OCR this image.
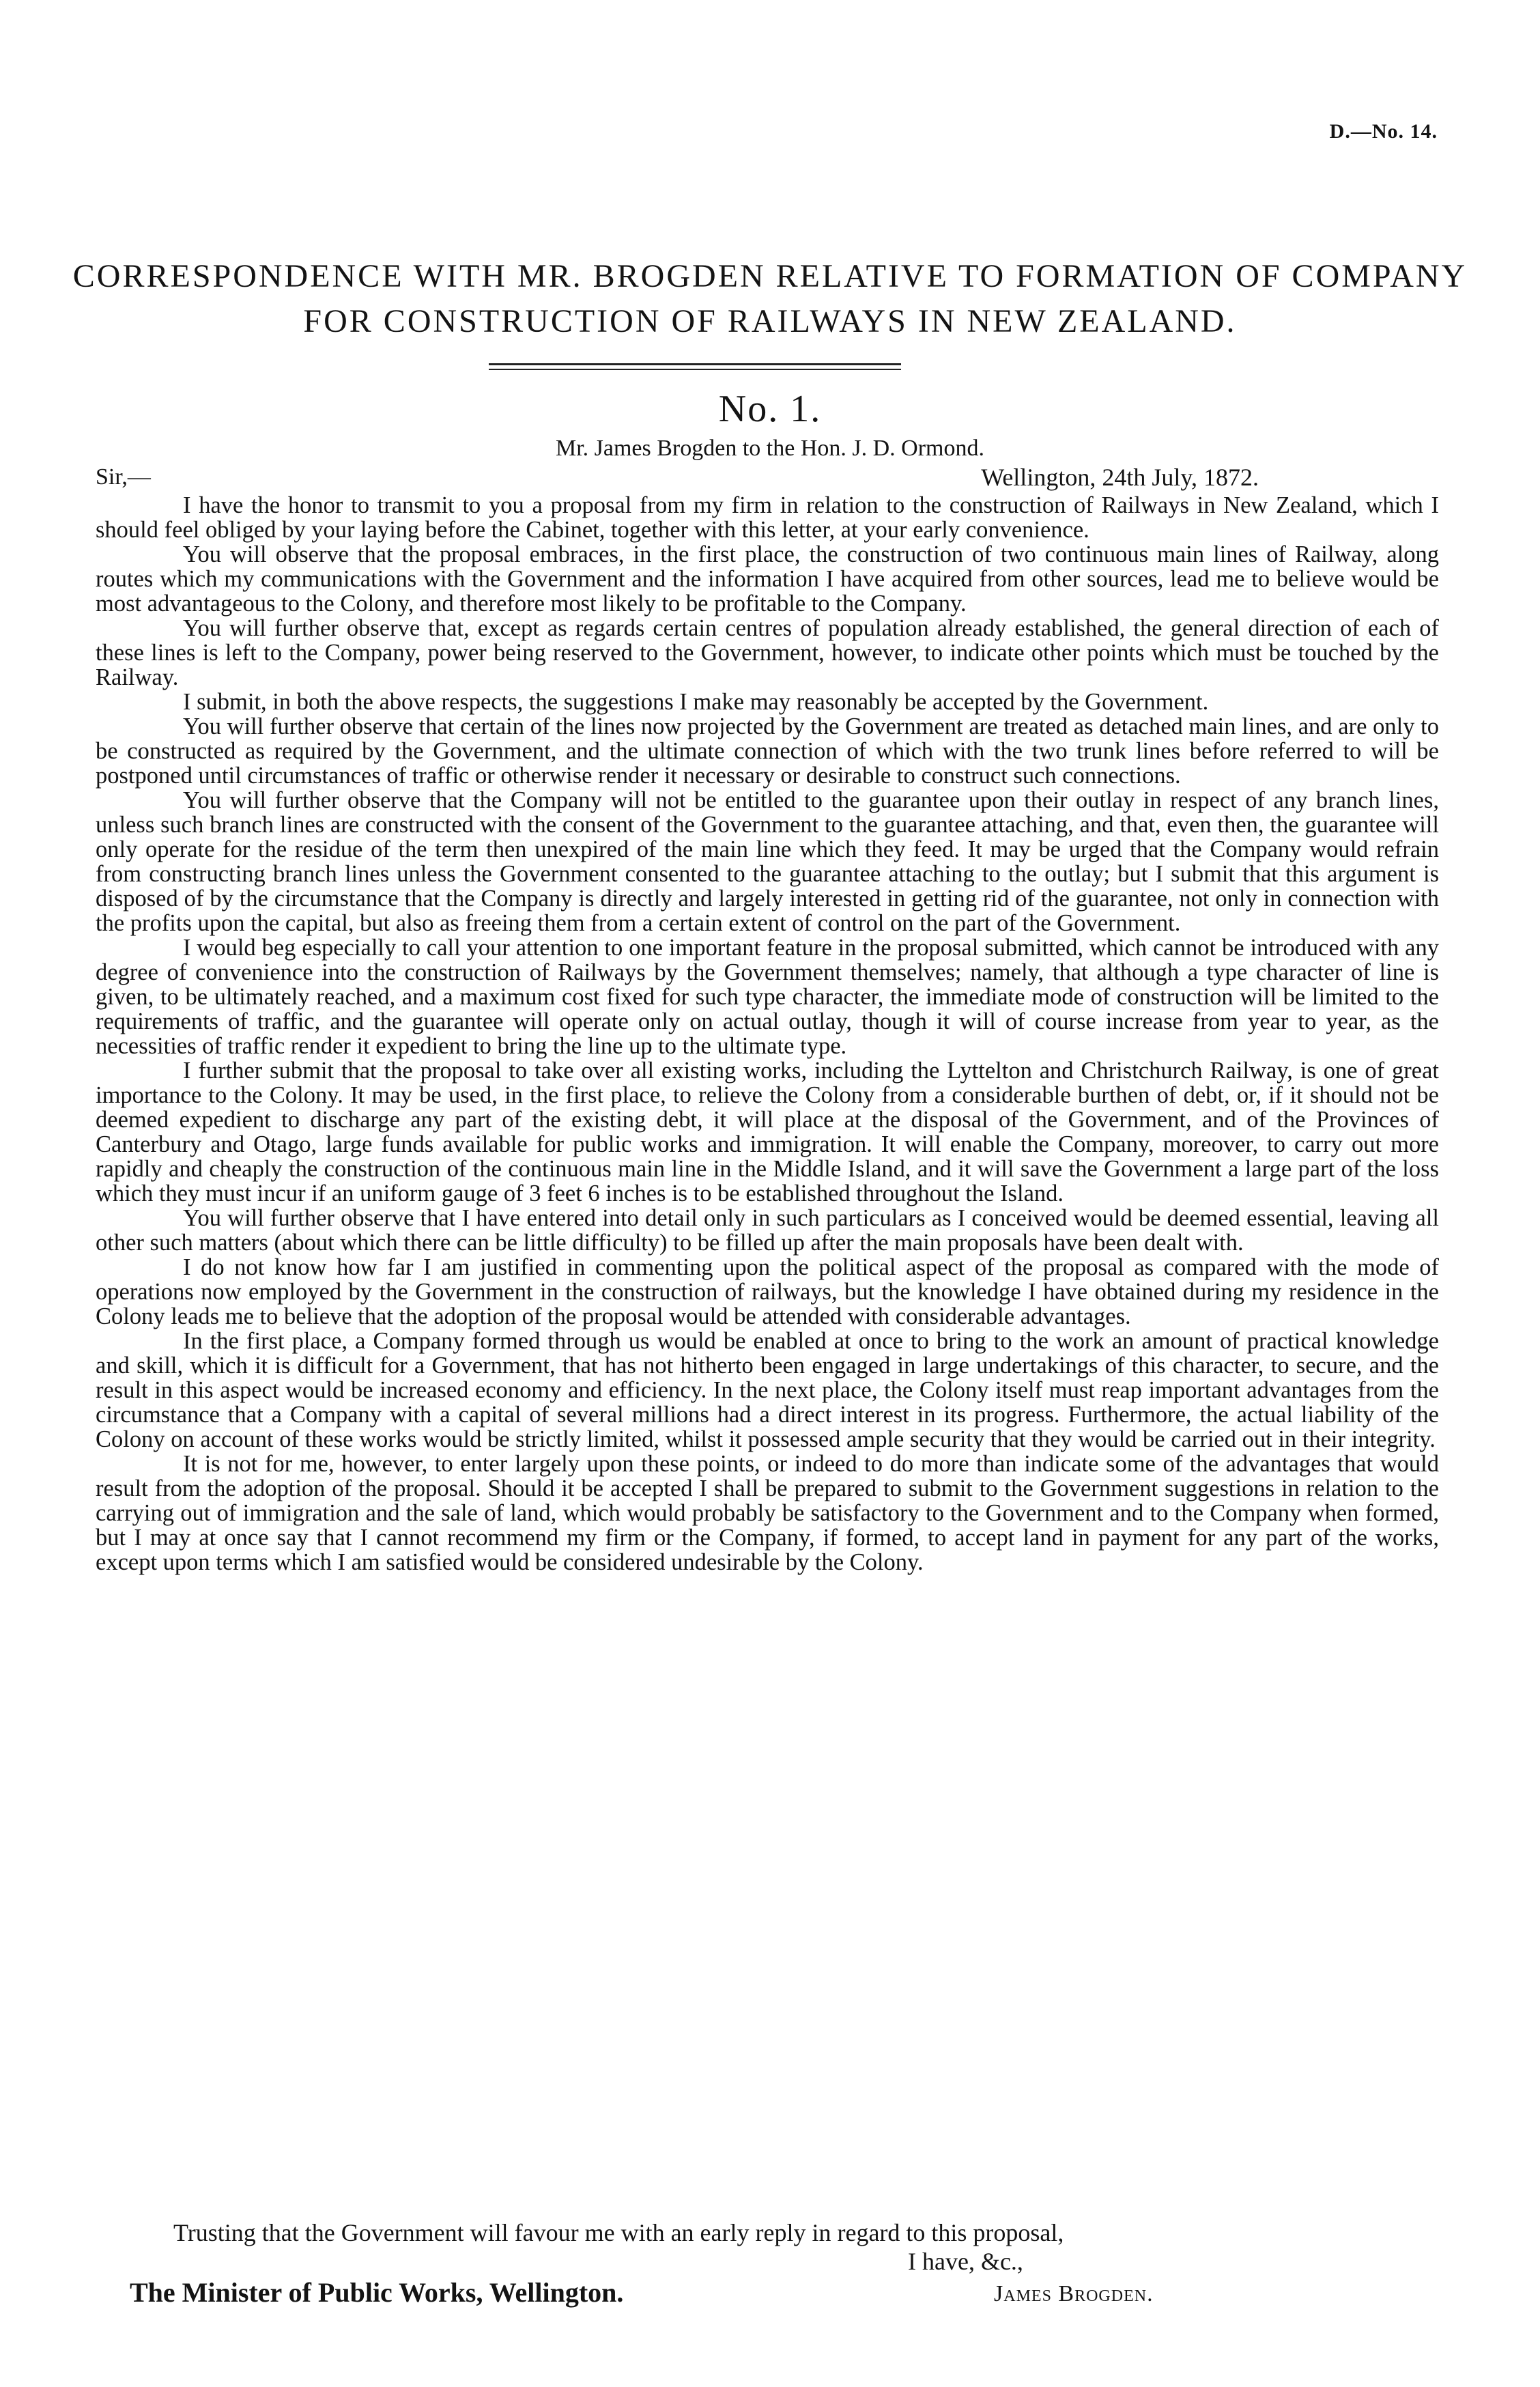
D.—No. 14.
CORRESPONDENCE WITH MR. BROGDEN RELATIVE TO FORMATION OF COMPANY
FOR CONSTRUCTION OF RAILWAYS IN NEW ZEALAND.
No. 1.
Mr. James Brogden to the Hon. J. D. Ormond.
Sir,—	Wellington, 24th July, 1872.

I have the honor to transmit to you a proposal from my firm in relation to the construction of Railways in New Zealand, which I should feel obliged by your laying before the Cabinet, together with this letter, at your early convenience.

You will observe that the proposal embraces, in the first place, the construction of two continuous main lines of Railway, along routes which my communications with the Government and the information I have acquired from other sources, lead me to believe would be most advantageous to the Colony, and therefore most likely to be profitable to the Company.

You will further observe that, except as regards certain centres of population already established, the general direction of each of these lines is left to the Company, power being reserved to the Government, however, to indicate other points which must be touched by the Railway.

I submit, in both the above respects, the suggestions I make may reasonably be accepted by the Government.

You will further observe that certain of the lines now projected by the Government are treated as detached main lines, and are only to be constructed as required by the Government, and the ultimate connection of which with the two trunk lines before referred to will be postponed until circumstances of traffic or otherwise render it necessary or desirable to construct such connections.

You will further observe that the Company will not be entitled to the guarantee upon their outlay in respect of any branch lines, unless such branch lines are constructed with the consent of the Government to the guarantee attaching, and that, even then, the guarantee will only operate for the residue of the term then unexpired of the main line which they feed. It may be urged that the Company would refrain from constructing branch lines unless the Government consented to the guarantee attaching to the outlay; but I submit that this argument is disposed of by the circumstance that the Company is directly and largely interested in getting rid of the guarantee, not only in connection with the profits upon the capital, but also as freeing them from a certain extent of control on the part of the Government.

I would beg especially to call your attention to one important feature in the proposal submitted, which cannot be introduced with any degree of convenience into the construction of Railways by the Government themselves; namely, that although a type character of line is given, to be ultimately reached, and a maximum cost fixed for such type character, the immediate mode of construction will be limited to the requirements of traffic, and the guarantee will operate only on actual outlay, though it will of course increase from year to year, as the necessities of traffic render it expedient to bring the line up to the ultimate type.

I further submit that the proposal to take over all existing works, including the Lyttelton and Christchurch Railway, is one of great importance to the Colony. It may be used, in the first place, to relieve the Colony from a considerable burthen of debt, or, if it should not be deemed expedient to discharge any part of the existing debt, it will place at the disposal of the Government, and of the Provinces of Canterbury and Otago, large funds available for public works and immigration. It will enable the Company, moreover, to carry out more rapidly and cheaply the construction of the continuous main line in the Middle Island, and it will save the Government a large part of the loss which they must incur if an uniform gauge of 3 feet 6 inches is to be established throughout the Island.

You will further observe that I have entered into detail only in such particulars as I conceived would be deemed essential, leaving all other such matters (about which there can be little difficulty) to be filled up after the main proposals have been dealt with.

I do not know how far I am justified in commenting upon the political aspect of the proposal as compared with the mode of operations now employed by the Government in the construction of railways, but the knowledge I have obtained during my residence in the Colony leads me to believe that the adoption of the proposal would be attended with considerable advantages.

In the first place, a Company formed through us would be enabled at once to bring to the work an amount of practical knowledge and skill, which it is difficult for a Government, that has not hitherto been engaged in large undertakings of this character, to secure, and the result in this aspect would be increased economy and efficiency. In the next place, the Colony itself must reap important advantages from the circumstance that a Company with a capital of several millions had a direct interest in its progress. Furthermore, the actual liability of the Colony on account of these works would be strictly limited, whilst it possessed ample security that they would be carried out in their integrity.

It is not for me, however, to enter largely upon these points, or indeed to do more than indicate some of the advantages that would result from the adoption of the proposal. Should it be accepted I shall be prepared to submit to the Government suggestions in relation to the carrying out of immigration and the sale of land, which would probably be satisfactory to the Government and to the Company when formed, but I may at once say that I cannot recommend my firm or the Company, if formed, to accept land in payment for any part of the works, except upon terms which I am satisfied would be considered undesirable by the Colony.

Trusting that the Government will favour me with an early reply in regard to this proposal,
I have, &c.,
The Minister of Public Works, Wellington.	James Brogden.
